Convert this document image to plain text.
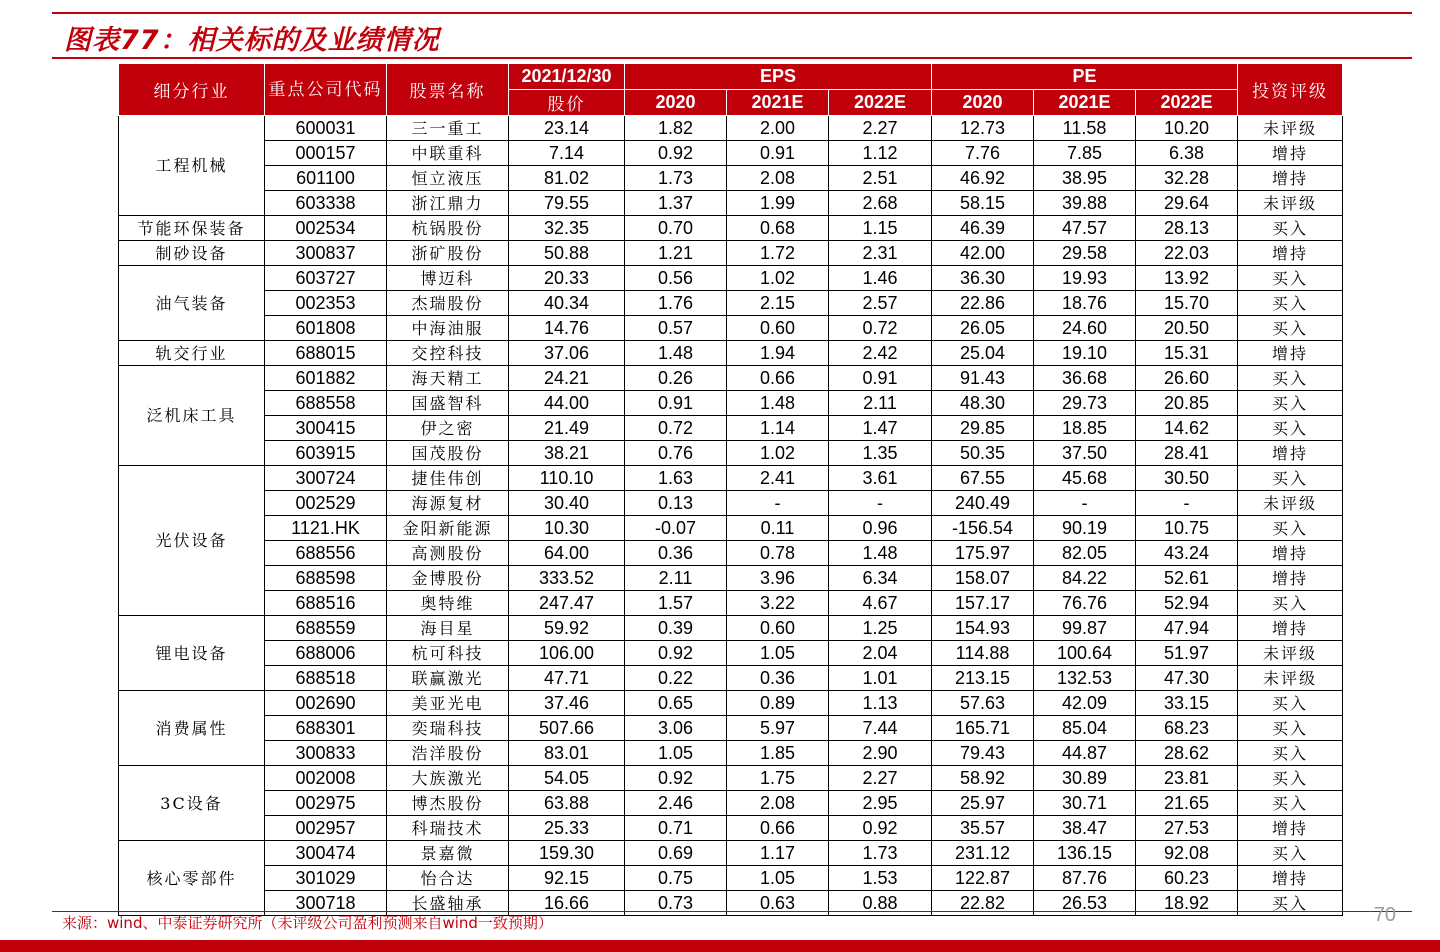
图表77：相关标的及业绩情况
细分行业	重点公司代码	股票名称	2021/12/30	EPS			PE			投资评级
			股价	2020	2021E	2022E	2020	2021E	2022E	
工程机械	600031	三一重工	23.14	1.82	2.00	2.27	12.73	11.58	10.20	未评级
	000157	中联重科	7.14	0.92	0.91	1.12	7.76	7.85	6.38	增持
	601100	恒立液压	81.02	1.73	2.08	2.51	46.92	38.95	32.28	增持
	603338	浙江鼎力	79.55	1.37	1.99	2.68	58.15	39.88	29.64	未评级
节能环保装备	002534	杭锅股份	32.35	0.70	0.68	1.15	46.39	47.57	28.13	买入
制砂设备	300837	浙矿股份	50.88	1.21	1.72	2.31	42.00	29.58	22.03	增持
油气装备	603727	博迈科	20.33	0.56	1.02	1.46	36.30	19.93	13.92	买入
	002353	杰瑞股份	40.34	1.76	2.15	2.57	22.86	18.76	15.70	买入
	601808	中海油服	14.76	0.57	0.60	0.72	26.05	24.60	20.50	买入
轨交行业	688015	交控科技	37.06	1.48	1.94	2.42	25.04	19.10	15.31	增持
泛机床工具	601882	海天精工	24.21	0.26	0.66	0.91	91.43	36.68	26.60	买入
	688558	国盛智科	44.00	0.91	1.48	2.11	48.30	29.73	20.85	买入
	300415	伊之密	21.49	0.72	1.14	1.47	29.85	18.85	14.62	买入
	603915	国茂股份	38.21	0.76	1.02	1.35	50.35	37.50	28.41	增持
光伏设备	300724	捷佳伟创	110.10	1.63	2.41	3.61	67.55	45.68	30.50	买入
	002529	海源复材	30.40	0.13	-	-	240.49	-	-	未评级
	1121.HK	金阳新能源	10.30	-0.07	0.11	0.96	-156.54	90.19	10.75	买入
	688556	高测股份	64.00	0.36	0.78	1.48	175.97	82.05	43.24	增持
	688598	金博股份	333.52	2.11	3.96	6.34	158.07	84.22	52.61	增持
	688516	奥特维	247.47	1.57	3.22	4.67	157.17	76.76	52.94	买入
锂电设备	688559	海目星	59.92	0.39	0.60	1.25	154.93	99.87	47.94	增持
	688006	杭可科技	106.00	0.92	1.05	2.04	114.88	100.64	51.97	未评级
	688518	联赢激光	47.71	0.22	0.36	1.01	213.15	132.53	47.30	未评级
消费属性	002690	美亚光电	37.46	0.65	0.89	1.13	57.63	42.09	33.15	买入
	688301	奕瑞科技	507.66	3.06	5.97	7.44	165.71	85.04	68.23	买入
	300833	浩洋股份	83.01	1.05	1.85	2.90	79.43	44.87	28.62	买入
3C设备	002008	大族激光	54.05	0.92	1.75	2.27	58.92	30.89	23.81	买入
	002975	博杰股份	63.88	2.46	2.08	2.95	25.97	30.71	21.65	买入
	002957	科瑞技术	25.33	0.71	0.66	0.92	35.57	38.47	27.53	增持
核心零部件	300474	景嘉微	159.30	0.69	1.17	1.73	231.12	136.15	92.08	买入
	301029	怡合达	92.15	0.75	1.05	1.53	122.87	87.76	60.23	增持
	300718	长盛轴承	16.66	0.73	0.63	0.88	22.82	26.53	18.92	买入
来源：wind、中泰证券研究所（未评级公司盈利预测来自wind一致预期）	70
